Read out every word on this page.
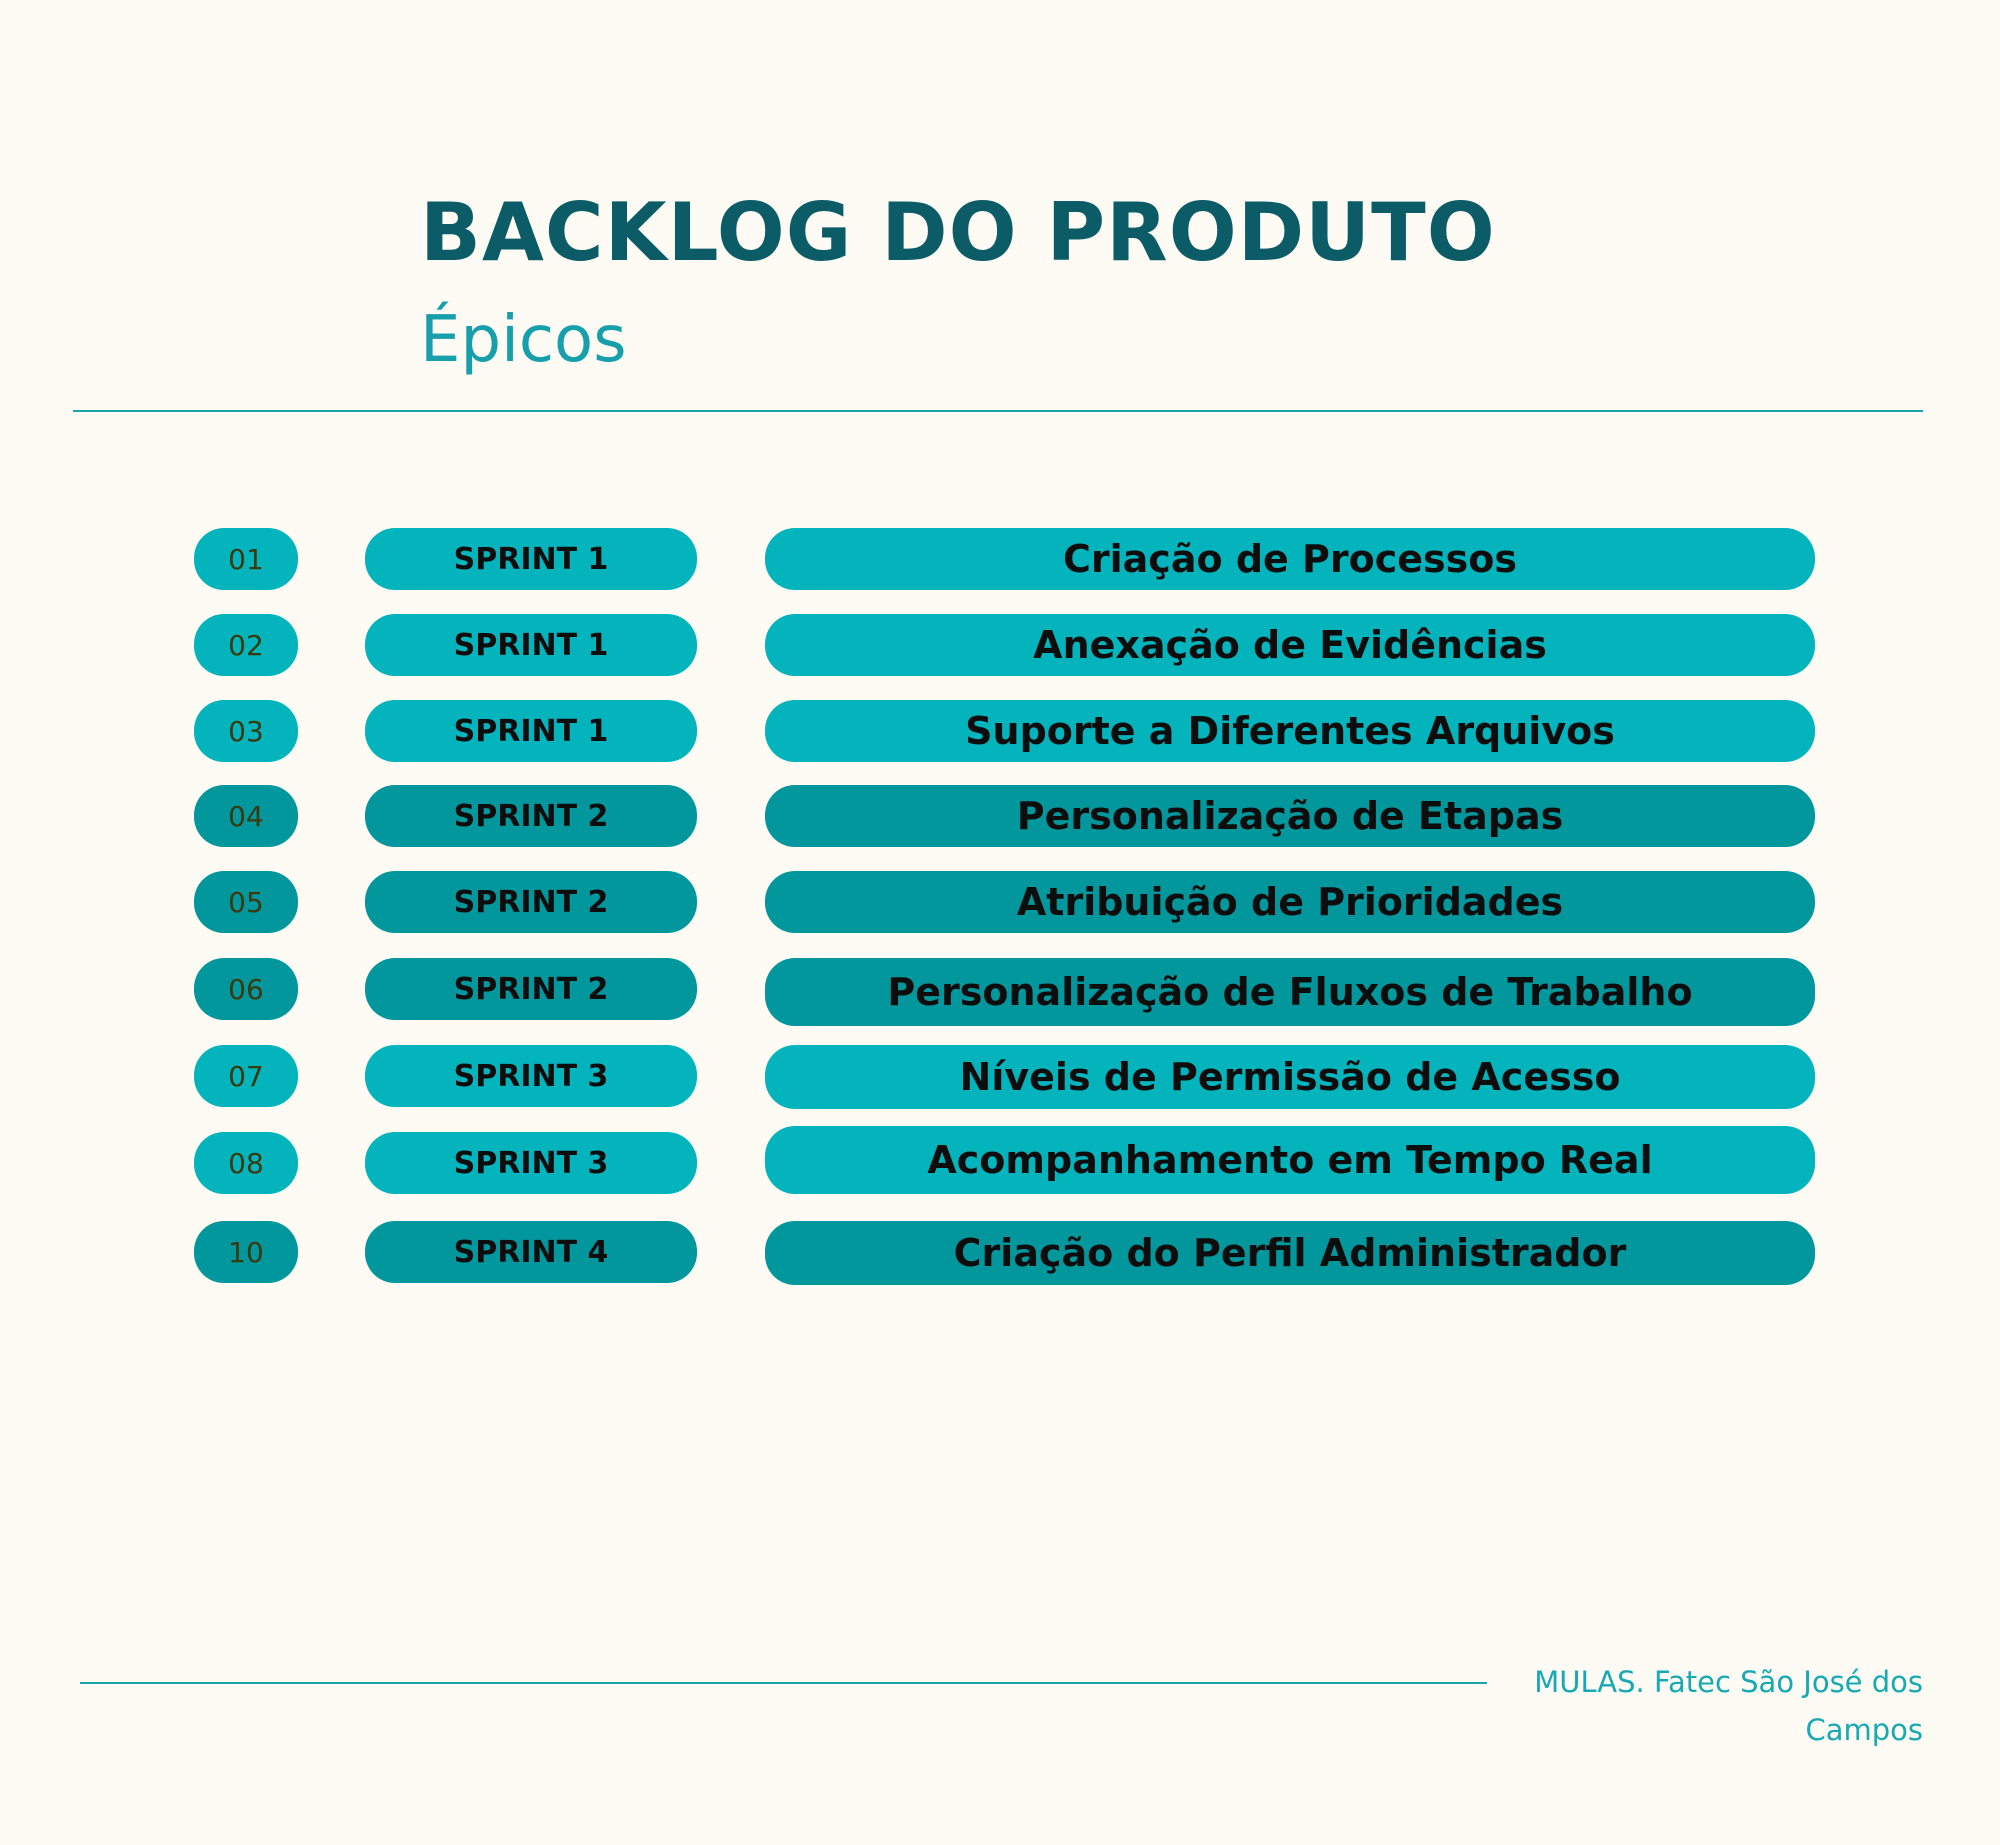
BACKLOG DO PRODUTO
Épicos
01	SPRINT 1	Criação de Processos
02	SPRINT 1	Anexação de Evidências
03	SPRINT 1	Suporte a Diferentes Arquivos
04	SPRINT 2	Personalização de Etapas
05	SPRINT 2	Atribuição de Prioridades
06	SPRINT 2	Personalização de Fluxos de Trabalho
07	SPRINT 3	Níveis de Permissão de Acesso
08	SPRINT 3	Acompanhamento em Tempo Real
10	SPRINT 4	Criação do Perfil Administrador
MULAS. Fatec São José dos Campos
